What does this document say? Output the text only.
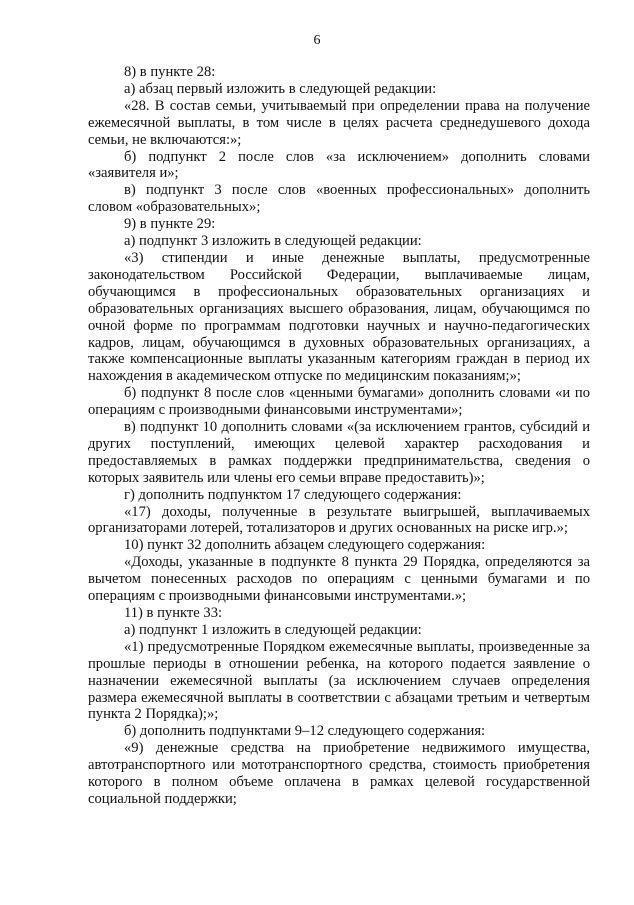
6

8) в пункте 28:

а) абзац первый изложить в следующей редакции:

«28. В состав семьи, учитываемый при определении права на получение ежемесячной выплаты, в том числе в целях расчета среднедушевого дохода семьи, не включаются:»;

б) подпункт 2 после слов «за исключением» дополнить словами «заявителя и»;

в) подпункт 3 после слов «военных профессиональных» дополнить словом «образовательных»;

9) в пункте 29:

а) подпункт 3 изложить в следующей редакции:

«3) стипендии и иные денежные выплаты, предусмотренные законодательством Российской Федерации, выплачиваемые лицам, обучающимся в профессиональных образовательных организациях и образовательных организациях высшего образования, лицам, обучающимся по очной форме по программам подготовки научных и научно-педагогических кадров, лицам, обучающимся в духовных образовательных организациях, а также компенсационные выплаты указанным категориям граждан в период их нахождения в академическом отпуске по медицинским показаниям;»;

б) подпункт 8 после слов «ценными бумагами» дополнить словами «и по операциям с производными финансовыми инструментами»;

в) подпункт 10 дополнить словами «(за исключением грантов, субсидий и других поступлений, имеющих целевой характер расходования и предоставляемых в рамках поддержки предпринимательства, сведения о которых заявитель или члены его семьи вправе предоставить)»;

г) дополнить подпунктом 17 следующего содержания:

«17) доходы, полученные в результате выигрышей, выплачиваемых организаторами лотерей, тотализаторов и других основанных на риске игр.»;

10) пункт 32 дополнить абзацем следующего содержания:

«Доходы, указанные в подпункте 8 пункта 29 Порядка, определяются за вычетом понесенных расходов по операциям с ценными бумагами и по операциям с производными финансовыми инструментами.»;

11) в пункте 33:

а) подпункт 1 изложить в следующей редакции:

«1) предусмотренные Порядком ежемесячные выплаты, произведенные за прошлые периоды в отношении ребенка, на которого подается заявление о назначении ежемесячной выплаты (за исключением случаев определения размера ежемесячной выплаты в соответствии с абзацами третьим и четвертым пункта 2 Порядка);»;

б) дополнить подпунктами 9–12 следующего содержания:

«9) денежные средства на приобретение недвижимого имущества, автотранспортного или мототранспортного средства, стоимость приобретения которого в полном объеме оплачена в рамках целевой государственной социальной поддержки;
